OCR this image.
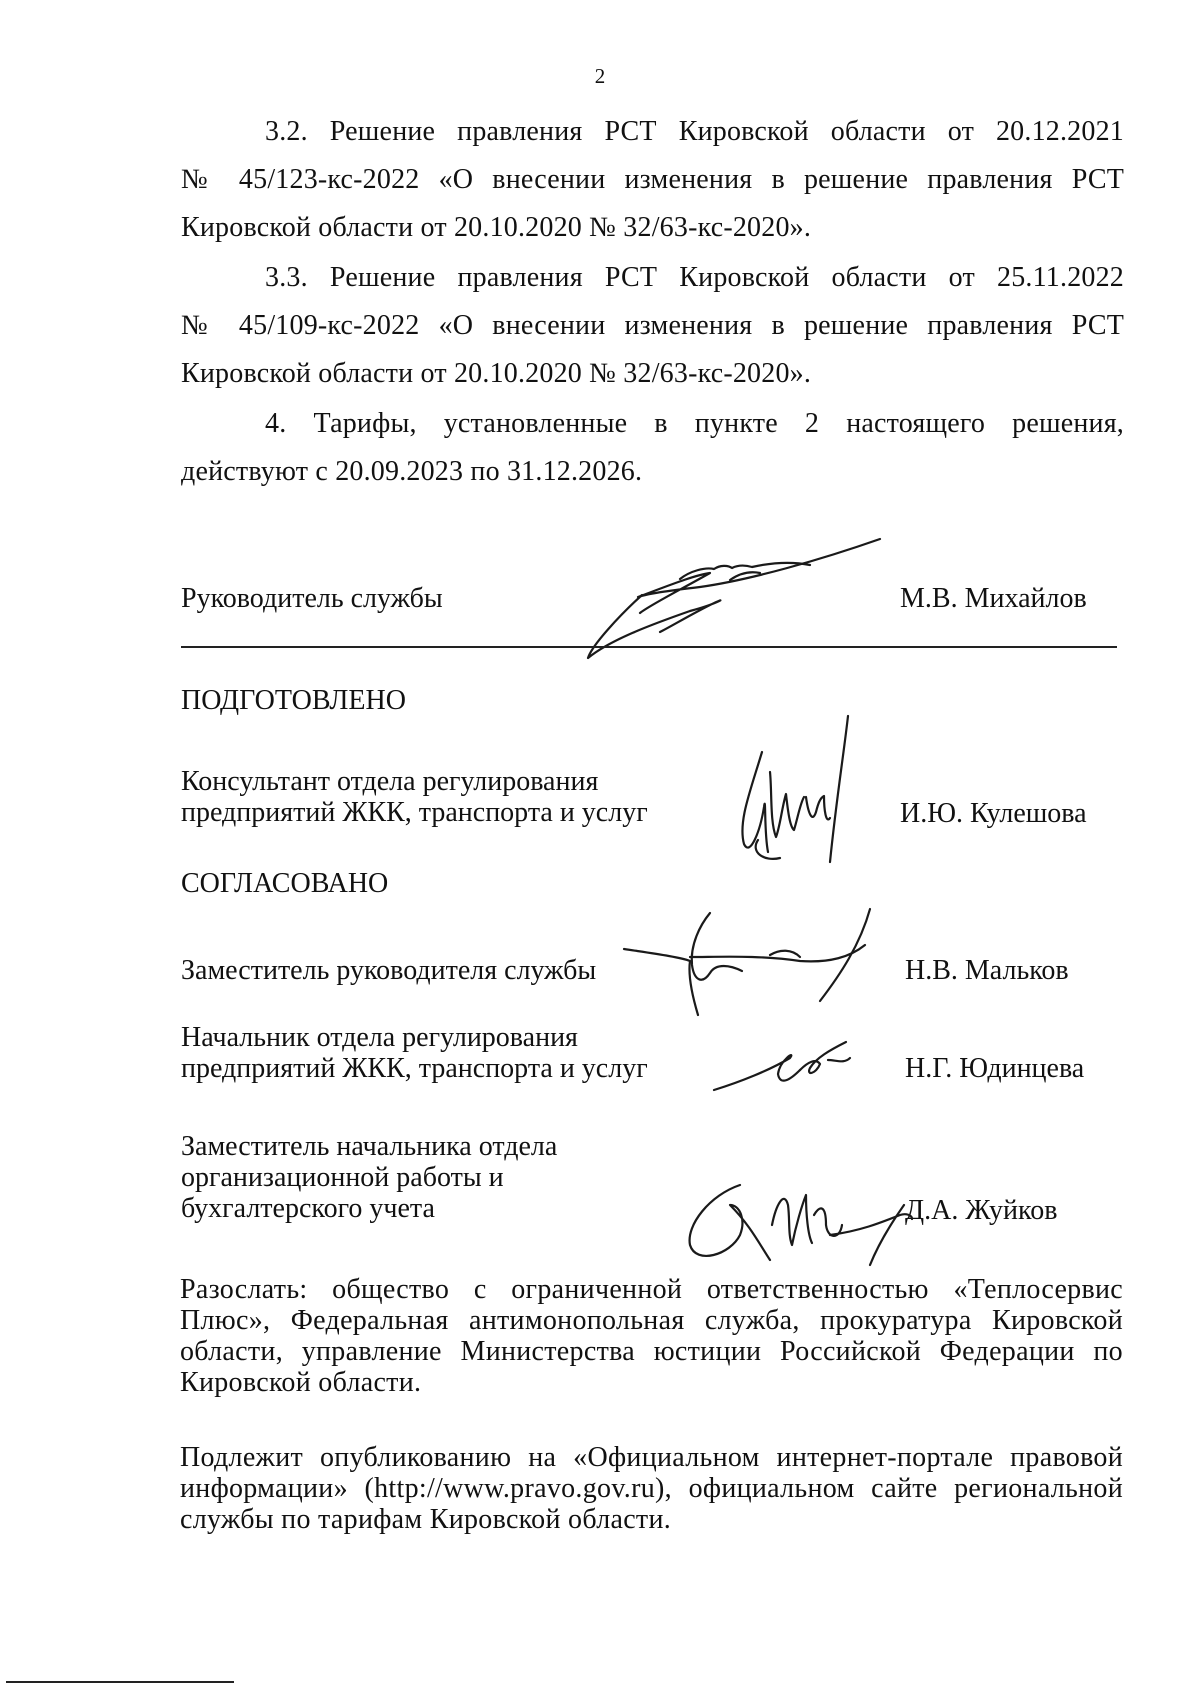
2
3.2. Решение правления РСТ Кировской области от 20.12.2021
№ 45/123-кс-2022 «О внесении изменения в решение правления РСТ
Кировской области от 20.10.2020 № 32/63-кс-2020».
3.3. Решение правления РСТ Кировской области от 25.11.2022
№ 45/109-кс-2022 «О внесении изменения в решение правления РСТ
Кировской области от 20.10.2020 № 32/63-кс-2020».
4. Тарифы, установленные в пункте 2 настоящего решения,
действуют с 20.09.2023 по 31.12.2026.
Руководитель службы	М.В. Михайлов
ПОДГОТОВЛЕНО
Консультант отдела регулирования
предприятий ЖКК, транспорта и услуг	И.Ю. Кулешова
СОГЛАСОВАНО
Заместитель руководителя службы	Н.В. Мальков
Начальник отдела регулирования
предприятий ЖКК, транспорта и услуг	Н.Г. Юдинцева
Заместитель начальника отдела
организационной работы и
бухгалтерского учета	Д.А. Жуйков
Разослать: общество с ограниченной ответственностью «Теплосервис Плюс», Федеральная антимонопольная служба, прокуратура Кировской области, управление Министерства юстиции Российской Федерации по Кировской области.
Подлежит опубликованию на «Официальном интернет-портале правовой информации» (http://www.pravo.gov.ru), официальном сайте региональной службы по тарифам Кировской области.
